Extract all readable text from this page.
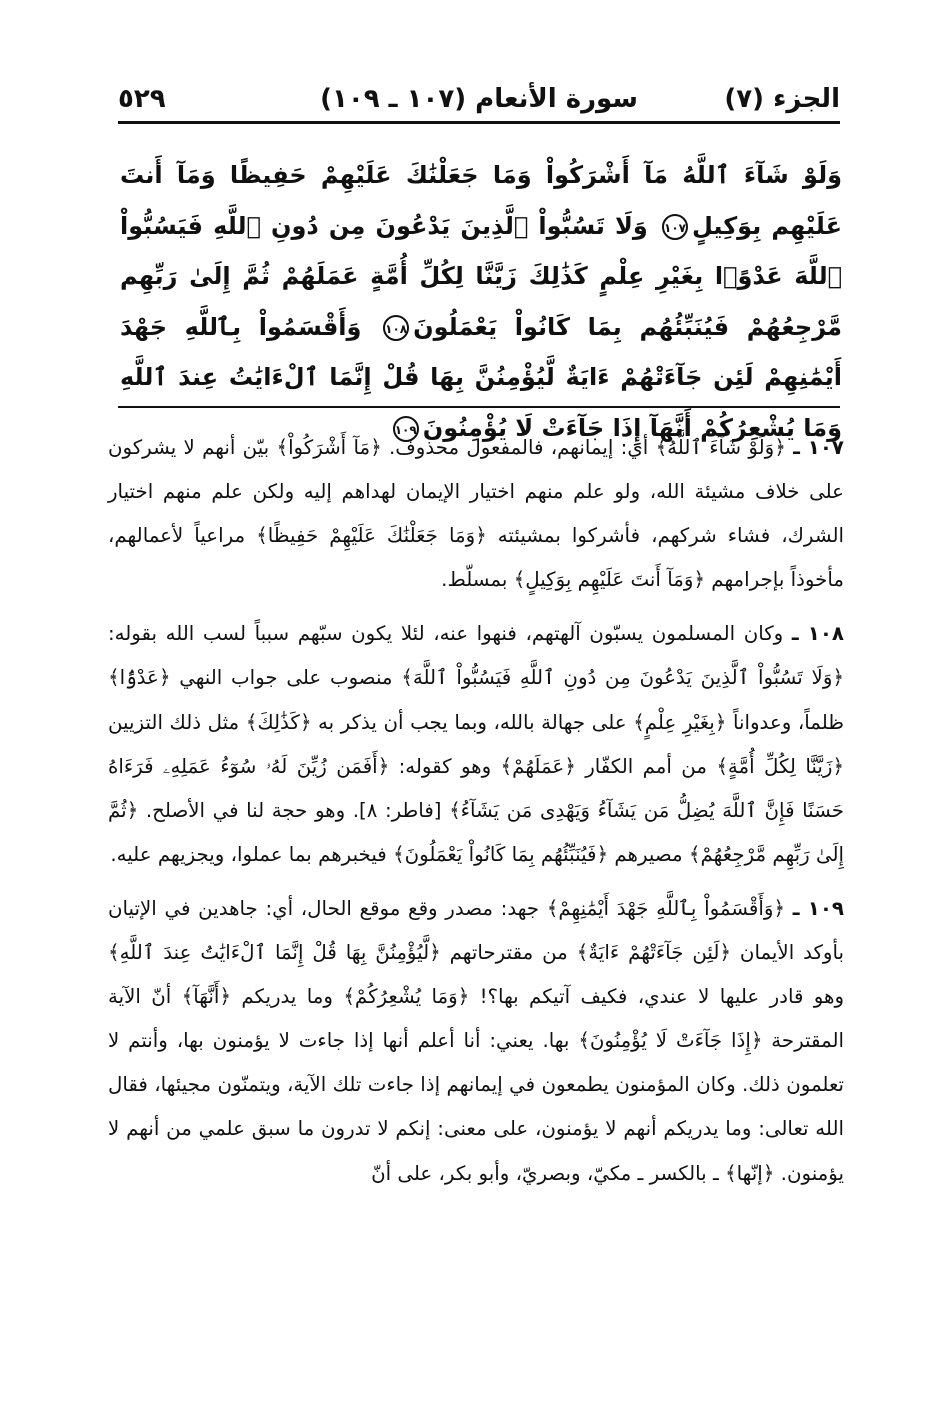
الجزء (٧)
سورة الأنعام (١٠٧ ـ ١٠٩)
٥٢٩
وَلَوْ شَآءَ ٱللَّهُ مَآ أَشْرَكُواْ وَمَا جَعَلْنَٰكَ عَلَيْهِمْ حَفِيظًا وَمَآ أَنتَ عَلَيْهِم بِوَكِيلٍ١٠٧ وَلَا تَسُبُّواْ ٱلَّذِينَ يَدْعُونَ مِن دُونِ ٱللَّهِ فَيَسُبُّواْ ٱللَّهَ عَدْوًۢا بِغَيْرِ عِلْمٍ كَذَٰلِكَ زَيَّنَّا لِكُلِّ أُمَّةٍ عَمَلَهُمْ ثُمَّ إِلَىٰ رَبِّهِم مَّرْجِعُهُمْ فَيُنَبِّئُهُم بِمَا كَانُواْ يَعْمَلُونَ١٠٨ وَأَقْسَمُواْ بِٱللَّهِ جَهْدَ أَيْمَٰنِهِمْ لَئِن جَآءَتْهُمْ ءَايَةٌ لَّيُؤْمِنُنَّ بِهَا قُلْ إِنَّمَا ٱلْءَايَٰتُ عِندَ ٱللَّهِ وَمَا يُشْعِرُكُمْ أَنَّهَآ إِذَا جَآءَتْ لَا يُؤْمِنُونَ١٠٩

١٠٧ ـ ﴿وَلَوْ شَآءَ ٱللَّهُ﴾ أي: إيمانهم، فالمفعول محذوف. ﴿مَآ أَشْرَكُواْ﴾ بيّن أنهم لا يشركون على خلاف مشيئة الله، ولو علم منهم اختيار الإيمان لهداهم إليه ولكن علم منهم اختيار الشرك، فشاء شركهم، فأشركوا بمشيئته ﴿وَمَا جَعَلْنَٰكَ عَلَيْهِمْ حَفِيظًا﴾ مراعياً لأعمالهم، مأخوذاً بإجرامهم ﴿وَمَآ أَنتَ عَلَيْهِم بِوَكِيلٍ﴾ بمسلّط.

١٠٨ ـ وكان المسلمون يسبّون آلهتهم، فنهوا عنه، لئلا يكون سبّهم سبباً لسب الله بقوله: ﴿وَلَا تَسُبُّواْ ٱلَّذِينَ يَدْعُونَ مِن دُونِ ٱللَّهِ فَيَسُبُّواْ ٱللَّهَ﴾ منصوب على جواب النهي ﴿عَدْوًۢا﴾ ظلماً، وعدواناً ﴿بِغَيْرِ عِلْمٍ﴾ على جهالة بالله، وبما يجب أن يذكر به ﴿كَذَٰلِكَ﴾ مثل ذلك التزيين ﴿زَيَّنَّا لِكُلِّ أُمَّةٍ﴾ من أمم الكفّار ﴿عَمَلَهُمْ﴾ وهو كقوله: ﴿أَفَمَن زُيِّنَ لَهُۥ سُوٓءُ عَمَلِهِۦ فَرَءَاهُ حَسَنًا فَإِنَّ ٱللَّهَ يُضِلُّ مَن يَشَآءُ وَيَهْدِى مَن يَشَآءُ﴾ [فاطر: ٨]. وهو حجة لنا في الأصلح. ﴿ثُمَّ إِلَىٰ رَبِّهِم مَّرْجِعُهُمْ﴾ مصيرهم ﴿فَيُنَبِّئُهُم بِمَا كَانُواْ يَعْمَلُونَ﴾ فيخبرهم بما عملوا، ويجزيهم عليه.

١٠٩ ـ ﴿وَأَقْسَمُواْ بِٱللَّهِ جَهْدَ أَيْمَٰنِهِمْ﴾ جهد: مصدر وقع موقع الحال، أي: جاهدين في الإتيان بأوكد الأيمان ﴿لَئِن جَآءَتْهُمْ ءَايَةٌ﴾ من مقترحاتهم ﴿لَّيُؤْمِنُنَّ بِهَا قُلْ إِنَّمَا ٱلْءَايَٰتُ عِندَ ٱللَّهِ﴾ وهو قادر عليها لا عندي، فكيف آتيكم بها؟! ﴿وَمَا يُشْعِرُكُمْ﴾ وما يدريكم ﴿أَنَّهَآ﴾ أنّ الآية المقترحة ﴿إِذَا جَآءَتْ لَا يُؤْمِنُونَ﴾ بها. يعني: أنا أعلم أنها إذا جاءت لا يؤمنون بها، وأنتم لا تعلمون ذلك. وكان المؤمنون يطمعون في إيمانهم إذا جاءت تلك الآية، ويتمنّون مجيئها، فقال الله تعالى: وما يدريكم أنهم لا يؤمنون، على معنى: إنكم لا تدرون ما سبق علمي من أنهم لا يؤمنون. ﴿إنّها﴾ ـ بالكسر ـ مكيّ، وبصريّ، وأبو بكر، على أنّ
